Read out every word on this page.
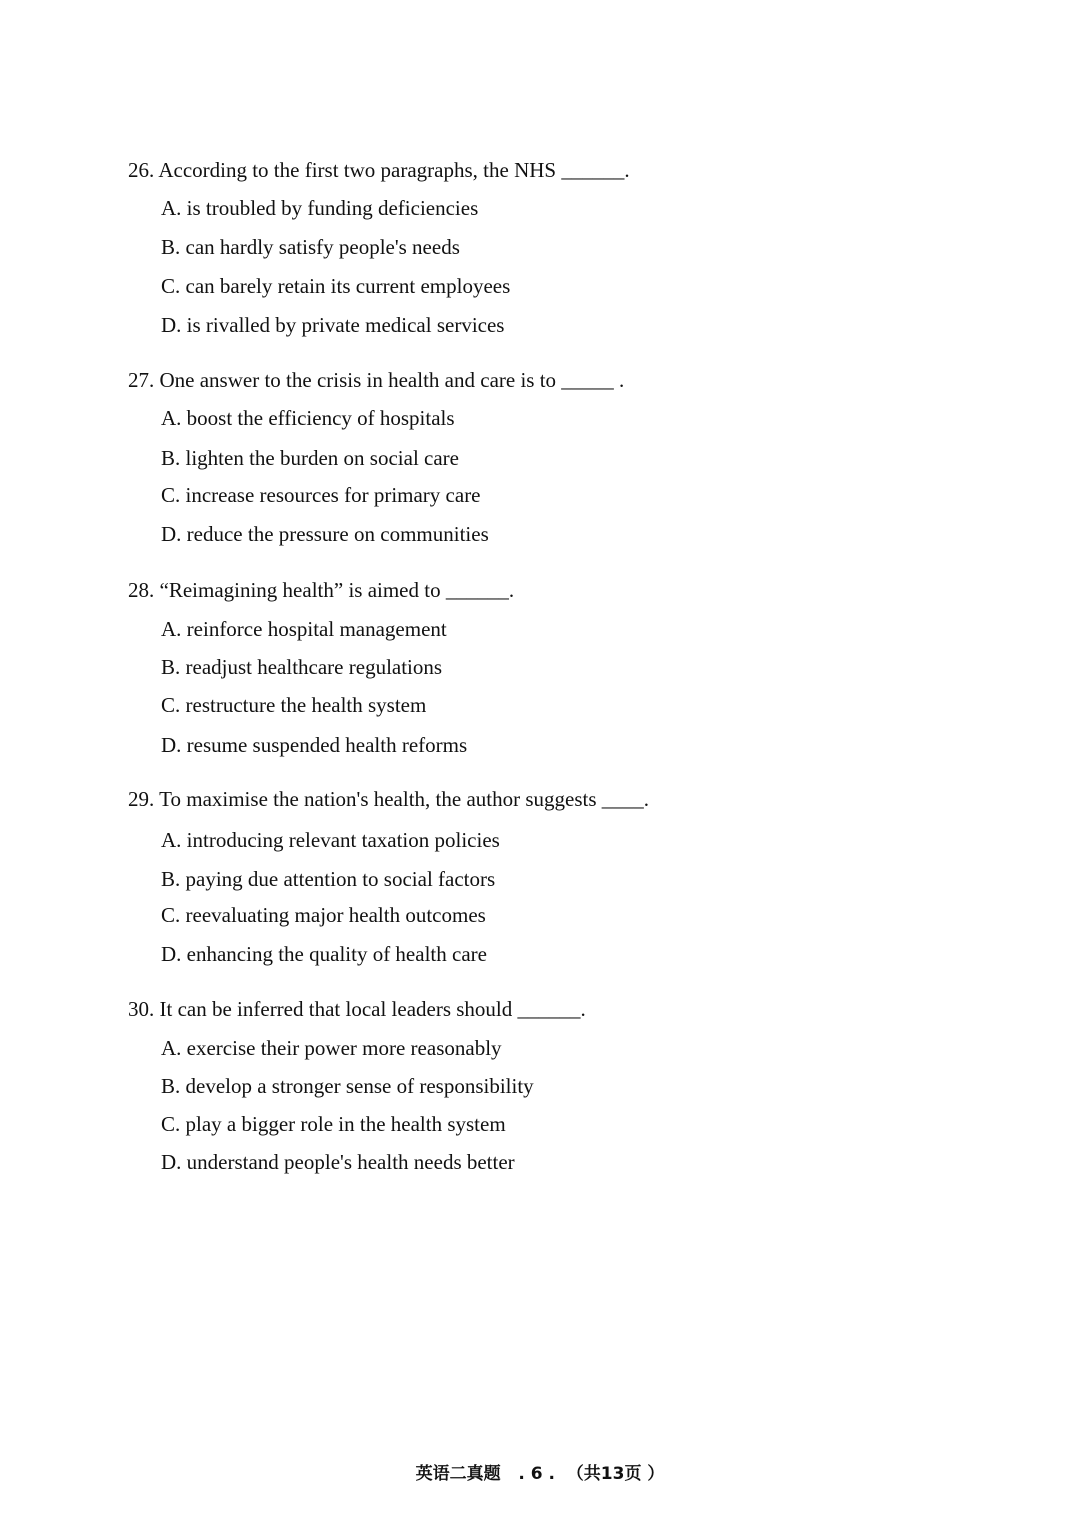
26. According to the first two paragraphs, the NHS ______.
A. is troubled by funding deficiencies
B. can hardly satisfy people's needs
C. can barely retain its current employees
D. is rivalled by private medical services
27. One answer to the crisis in health and care is to _____ .
A. boost the efficiency of hospitals
B. lighten the burden on social care
C. increase resources for primary care
D. reduce the pressure on communities
28. “Reimagining health” is aimed to ______.
A. reinforce hospital management
B. readjust healthcare regulations
C. restructure the health system
D. resume suspended health reforms
29. To maximise the nation's health, the author suggests ____.
A. introducing relevant taxation policies
B. paying due attention to social factors
C. reevaluating major health outcomes
D. enhancing the quality of health care
30. It can be inferred that local leaders should ______.
A. exercise their power more reasonably
B. develop a stronger sense of responsibility
C. play a bigger role in the health system
D. understand people's health needs better
英语二真题   . 6 .  （共13页 ）
